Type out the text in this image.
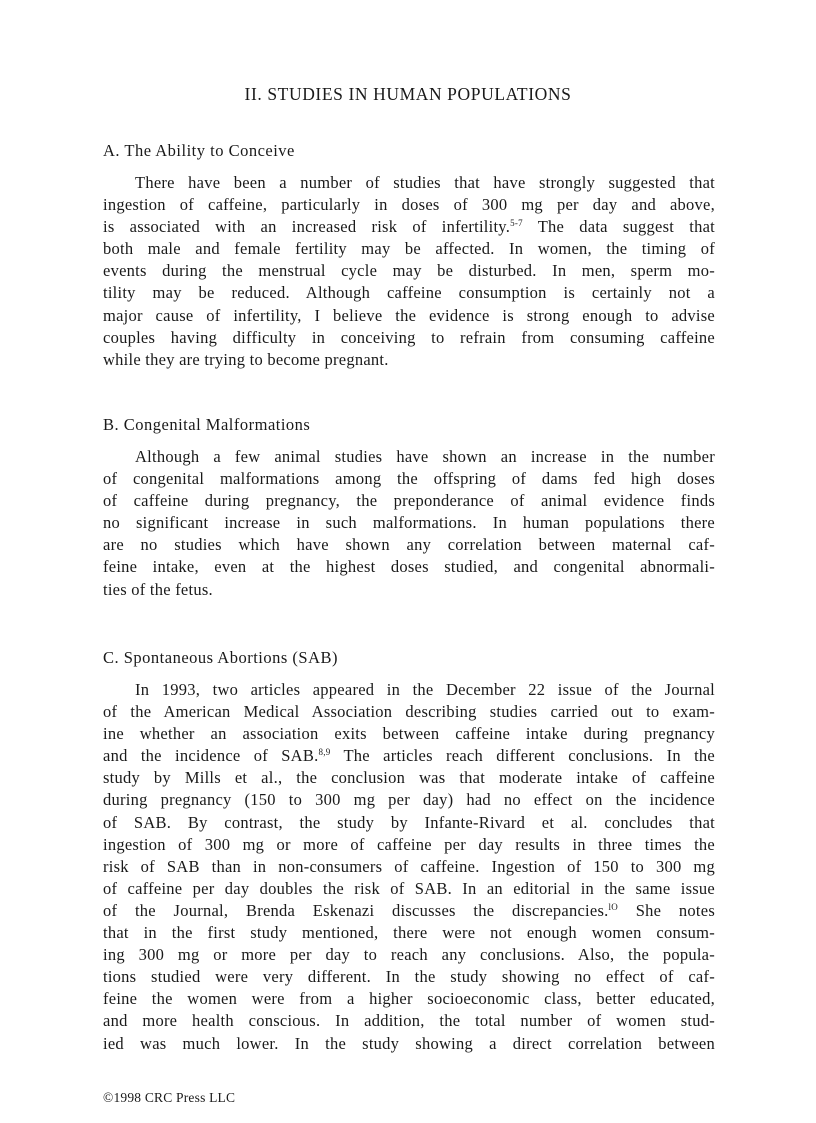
II. STUDIES IN HUMAN POPULATIONS
A. The Ability to Conceive
There have been a number of studies that have strongly suggested that
ingestion of caffeine, particularly in doses of 300 mg per day and above,
is associated with an increased risk of infertility.$^{5-7}$ The data suggest that
both male and female fertility may be affected. In women, the timing of
events during the menstrual cycle may be disturbed. In men, sperm mo-
tility may be reduced. Although caffeine consumption is certainly not a
major cause of infertility, I believe the evidence is strong enough to advise
couples having difficulty in conceiving to refrain from consuming caffeine
while they are trying to become pregnant.
B. Congenital Malformations
Although a few animal studies have shown an increase in the number
of congenital malformations among the offspring of dams fed high doses
of caffeine during pregnancy, the preponderance of animal evidence finds
no significant increase in such malformations. In human populations there
are no studies which have shown any correlation between maternal caf-
feine intake, even at the highest doses studied, and congenital abnormali-
ties of the fetus.
C. Spontaneous Abortions (SAB)
In 1993, two articles appeared in the December 22 issue of the Journal
of the American Medical Association describing studies carried out to exam-
ine whether an association exits between caffeine intake during pregnancy
and the incidence of SAB.$^{8,9}$ The articles reach different conclusions. In the
study by Mills et al., the conclusion was that moderate intake of caffeine
during pregnancy (150 to 300 mg per day) had no effect on the incidence
of SAB. By contrast, the study by Infante-Rivard et al. concludes that
ingestion of 300 mg or more of caffeine per day results in three times the
risk of SAB than in non-consumers of caffeine. Ingestion of 150 to 300 mg
of caffeine per day doubles the risk of SAB. In an editorial in the same issue
of the Journal, Brenda Eskenazi discusses the discrepancies.$^{lO}$ She notes
that in the first study mentioned, there were not enough women consum-
ing 300 mg or more per day to reach any conclusions. Also, the popula-
tions studied were very different. In the study showing no effect of caf-
feine the women were from a higher socioeconomic class, better educated,
and more health conscious. In addition, the total number of women stud-
ied was much lower. In the study showing a direct correlation between

©1998 CRC Press LLC
